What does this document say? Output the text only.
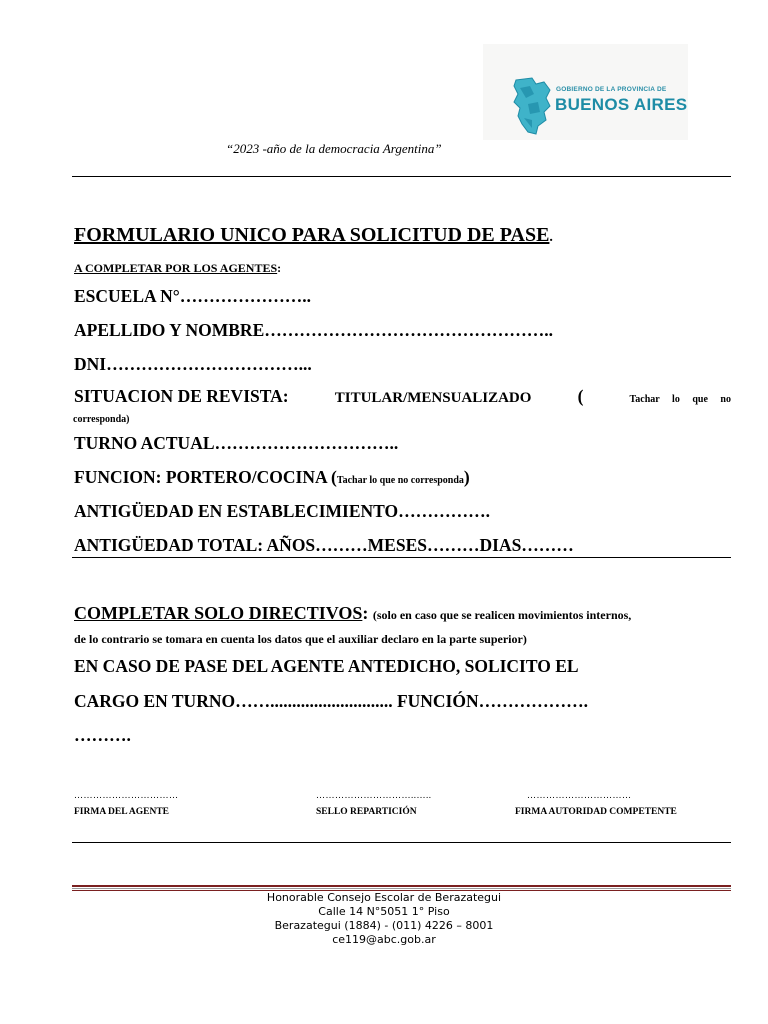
GOBIERNO DE LA PROVINCIA DE
BUENOS AIRES
“2023 -año de la democracia Argentina”
FORMULARIO UNICO PARA SOLICITUD DE PASE.
A COMPLETAR POR LOS AGENTES:
ESCUELA N°…………………..
APELLIDO Y NOMBRE…………………………………………..
DNI……………………………...
SITUACION DE REVISTA:	TITULAR/MENSUALIZADO	(	Tachar lo que no
corresponda)
TURNO ACTUAL…………………………..
FUNCION: PORTERO/COCINA (Tachar lo que no corresponda)
ANTIGÜEDAD EN ESTABLECIMIENTO…………….
ANTIGÜEDAD TOTAL: AÑOS………MESES………DIAS………
COMPLETAR SOLO DIRECTIVOS: (solo en caso que se realicen movimientos internos,
de lo contrario se tomara en cuenta los datos que el auxiliar declaro en la parte superior)
EN CASO DE PASE DEL AGENTE ANTEDICHO, SOLICITO EL
CARGO EN TURNO……............................ FUNCIÓN……………….
……….
……………………………
FIRMA DEL AGENTE
…………………………..…..
SELLO REPARTICIÓN
……………………………
FIRMA AUTORIDAD COMPETENTE
Honorable Consejo Escolar de Berazategui
Calle 14 N°5051 1° Piso
Berazategui (1884) - (011) 4226 – 8001
ce119@abc.gob.ar
